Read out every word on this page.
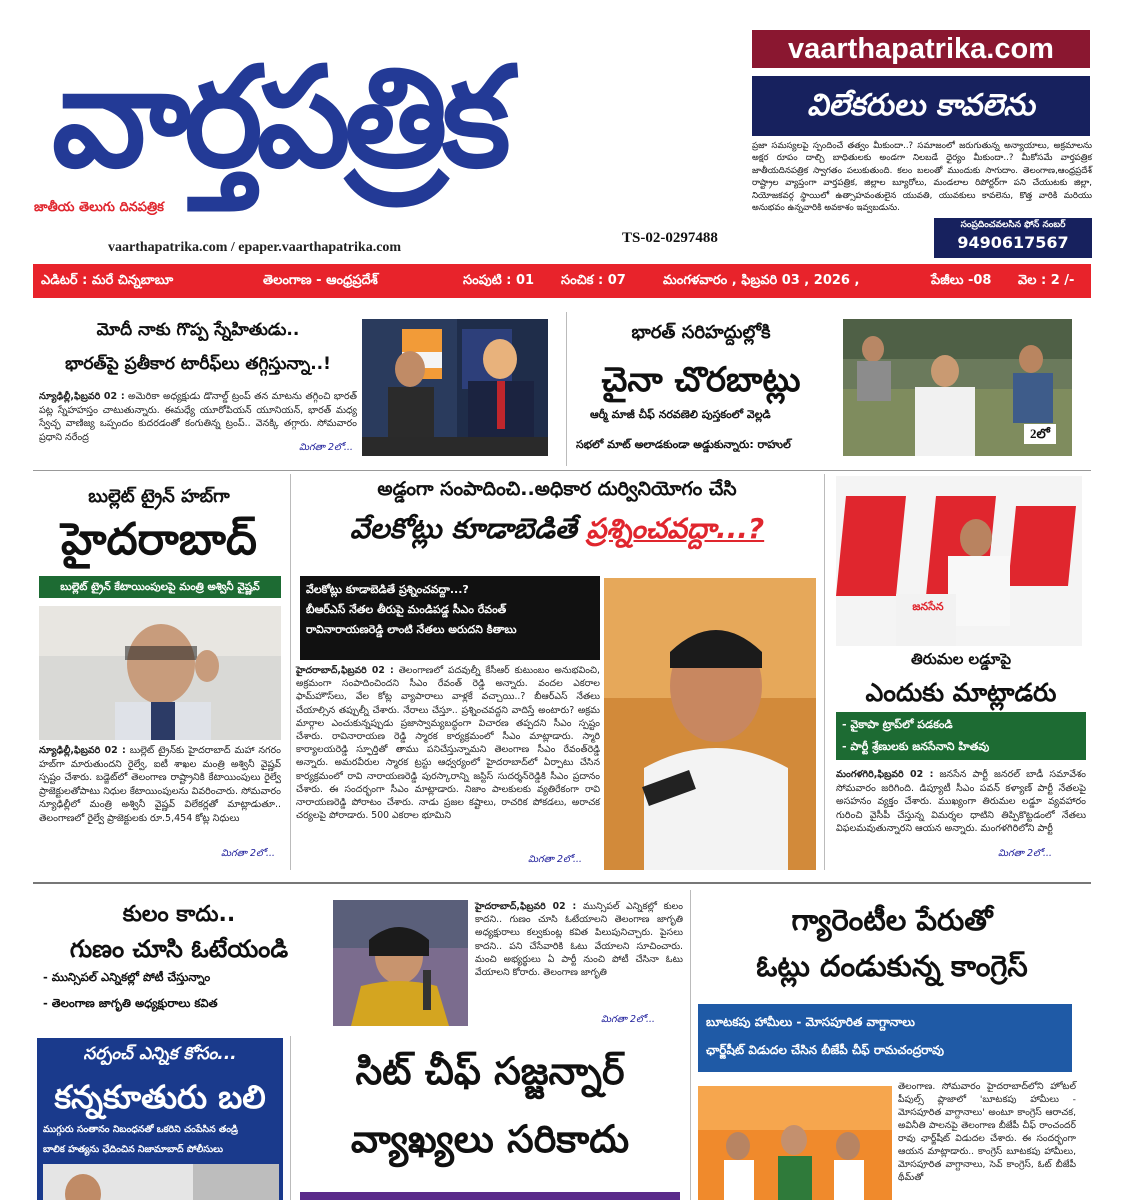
వార్తపత్రిక
జాతీయ తెలుగు దినపత్రిక
vaarthapatrika.com / epaper.vaarthapatrika.com
TS-02-0297488
vaarthapatrika.com
విలేకరులు కావలెను
ప్రజా సమస్యలపై స్పందించే తత్వం మీకుందా..? సమాజంలో జరుగుతున్న అన్యాయాలు, అక్రమాలను అక్షర రూపం దాల్చి బాధితులకు అండగా నిలబడే ధైర్యం మీకుందా..? మీకోసమే వార్తపత్రిక జాతీయదినపత్రిక స్వాగతం పలుకుతుంది. కలం బలంతో ముందుకు సాగుదాం. తెలంగాణ,ఆంధ్రప్రదేశ్ రాష్ట్రాల వ్యాప్తంగా వార్తపత్రిక, జిల్లాల బ్యూరోలు, మండలాల రిపోర్టర్‌గా పని చేయుటకు జిల్లా, నియోజకవర్గ స్థాయిలో ఉత్సాహవంతులైన యువతి, యువకులు కావలెను, కొత్త వారికి మరియు అనుభవం ఉన్నవారికి అవకాశం ఇవ్వబడును.
సంప్రదించవలసిన ఫోన్ నంబర్
9490617567
ఎడిటర్ : మరే చిన్నబాబూ	తెలంగాణ - ఆంధ్రప్రదేశ్	సంపుటి : 01 సంచిక : 07	మంగళవారం , ఫిబ్రవరి 03 , 2026 ,	పేజీలు -08 వెల : 2 /-
మోదీ నాకు గొప్ప స్నేహితుడు..
భారత్‌పై ప్రతీకార టారీఫ్‌లు తగ్గిస్తున్నా..!
న్యూఢిల్లీ,ఫిబ్రవరి 02 : అమెరికా అధ్యక్షుడు డొనాల్డ్ ట్రంప్ తన మాటను తగ్గించి భారత్ పట్ల స్నేహహస్తం చాటుతున్నారు. ఈమధ్యే యూరోపియన్ యూనియన్, భారత్ మధ్య స్వేచ్ఛ వాణిజ్య ఒప్పందం కుదరడంతో కంగుతిన్న ట్రంప్.. వెనక్కి తగ్గారు. సోమవారం ప్రధాని నరేంద్ర
మిగతా 2లో...
భారత్ సరిహద్దుల్లోకి
చైనా చొరబాట్లు
ఆర్మీ మాజీ చీఫ్ నరవణెలి పుస్తకంలో వెల్లడి
సభలో మాట్ అలాడకుండా అడ్డుకున్నారు: రాహుల్
2లో
బుల్లెట్ ట్రైన్ హబ్‌గా
హైదరాబాద్
బుల్లెట్ ట్రైన్ కేటాయింపులపై మంత్రి అశ్వినీ వైష్ణవ్
న్యూఢిల్లీ,ఫిబ్రవరి 02 : బుల్లెట్ ట్రైన్‌కు హైదరాబాద్ మహా నగరం హబ్‌గా మారుతుందని రైల్వే, ఐటీ శాఖల మంత్రి అశ్వినీ వైష్ణవ్ స్పష్టం చేశారు. బడ్జెట్‌లో తెలంగాణ రాష్ట్రానికి కేటాయింపులు రైల్వే ప్రాజెక్టులతోపాటు నిధుల కేటాయింపులను వివరించారు. సోమవారం న్యూఢిల్లీలో మంత్రి అశ్వినీ వైష్ణవ్ విలేకర్లతో మాట్లాడుతూ.. తెలంగాణలో రైల్వే ప్రాజెక్టులకు రూ.5,454 కోట్ల నిధులు
మిగతా 2లో...
అడ్డంగా సంపాదించి..అధికార దుర్వినియోగం చేసి
వేలకోట్లు కూడాబెడితే ప్రశ్నించవద్దా...?
వేలకోట్లు కూడాబెడితే ప్రశ్నించవద్దా...?
బీఆర్ఎస్ నేతల తీరుపై మండిపడ్డ సీఎం రేవంత్
రావినారాయణరెడ్డి లాంటి నేతలు అరుదని కితాబు
హైదరాబాద్,ఫిబ్రవరి 02 : తెలంగాణలో పదవుల్నీ కేసీఆర్ కుటుంబం అనుభవించి, అక్రమంగా సంపాదించిందని సీఎం రేవంత్ రెడ్డి అన్నారు. వందల ఎకరాల ఫామ్‌హౌస్‌లు, వేల కోట్ల వ్యాపారాలు వాళ్లకే వచ్చాయి..? బీఆర్ఎస్ నేతలు చేయాల్సిన తప్పుల్నీ చేశారు. నేరాలు చేస్తూ.. ప్రశ్నించవద్దని వాదిస్తే అంటారు? అక్రమ మార్గాల ఎంచుకున్నప్పుడు ప్రజాస్వామ్యబద్ధంగా విచారణ తప్పదని సీఎం స్పష్టం చేశారు. రావినారాయణ రెడ్డి స్మారక కార్యక్రమంలో సీఎం మాట్లాడారు. స్మారి కార్యాలయరెడ్డి స్ఫూర్తితో తాము పనిచేస్తున్నామని తెలంగాణ సీఎం రేవంత్‌రెడ్డి అన్నారు. అమరవీరుల స్మారక ట్రస్టు ఆధ్వర్యంలో హైదరాబాద్‌లో ఏర్పాటు చేసిన కార్యక్రమంలో రావి నారాయణరెడ్డి పురస్కారాన్ని జస్టిస్ సుదర్శన్‌రెడ్డికి సీఎం ప్రదానం చేశారు. ఈ సందర్భంగా సీఎం మాట్లాడారు. నిజాం పాలకులకు వ్యతిరేకంగా రావి నారాయణరెడ్డి పోరాటం చేశారు. నాడు ప్రజల కష్టాలు, రాచరిక పోకడలు, అరాచక చర్యలపై పోరాడారు. 500 ఎకరాల భూమిని
మిగతా 2లో...
జనసేన
తిరుమల లడ్డూపై
ఎందుకు మాట్లాడరు
- వైకాపా ట్రాప్‌లో పడకండి
- పార్టీ శ్రేణులకు జనసేనాని హితవు
మంగళగిరి,ఫిబ్రవరి 02 : జనసేన పార్టీ జనరల్ బాడీ సమావేశం సోమవారం జరిగింది. డిప్యూటీ సీఎం పవన్ కళ్యాణ్ పార్టీ నేతలపై అసహనం వ్యక్తం చేశారు. ముఖ్యంగా తిరుమల లడ్డూ వ్యవహారం గురించి వైసీపీ చేస్తున్న విమర్శల ధాటిని తిప్పికొట్టడంలో నేతలు విఫలమవుతున్నారని ఆయన అన్నారు. మంగళగిరిలోని పార్టీ
మిగతా 2లో...
కులం కాదు..
గుణం చూసి ఓటేయండి
- మున్సిపల్ ఎన్నికల్లో పోటీ చేస్తున్నాం
- తెలంగాణ జాగృతి అధ్యక్షురాలు కవిత
హైదరాబాద్,ఫిబ్రవరి 02 : మున్సిపల్ ఎన్నికల్లో కులం కాదని.. గుణం చూసి ఓటేయాలని తెలంగాణ జాగృతి అధ్యక్షురాలు కల్వకుంట్ల కవిత పిలుపునిచ్చారు. పైసలు కాదని.. పని చేసేవారికి ఓటు వేయాలని సూచించారు. మంచి అభ్యర్థులు ఏ పార్టీ నుంచి పోటీ చేసినా ఓటు వేయాలని కోరారు. తెలంగాణ జాగృతి
మిగతా 2లో...
గ్యారెంటీల పేరుతో
ఓట్లు దండుకున్న కాంగ్రెస్
బూటకపు హామీలు - మోసపూరిత వాగ్దానాలు
ఛార్జ్‌షీట్ విడుదల చేసిన బీజేపీ చీఫ్ రామచంద్రరావు
తెలంగాణ. సోమవారం హైదరాబాద్‌లోని హోటల్ పీపుల్స్ ప్లాజాలో 'బూటకపు హామీలు - మోసపూరిత వాగ్దానాలు' అంటూ కాంగ్రెస్ ఆరాచక, అవినీతి పాలనపై తెలంగాణ బీజేపీ చీఫ్ రాంచందర్ రావు ఛార్జ్‌షీట్ విడుదల చేశారు. ఈ సందర్భంగా ఆయన మాట్లాడారు.. కాంగ్రెస్ బూటకపు హామీలు, మోసపూరిత వాగ్దానాలు, సెవ్ కాంగ్రెస్, ఓట్ బీజేపీ థీమ్‌తో
సర్పంచ్ ఎన్నిక కోసం...
కన్నకూతురు బలి
ముగ్గురు సంతానం నిబంధనతో ఒకరిని చంపేసిన తండ్రి
బాలిక హత్యను ఛేదించిన నిజామాబాద్ పోలీసులు
సిట్ చీఫ్ సజ్జన్నార్
వ్యాఖ్యలు సరికాదు
